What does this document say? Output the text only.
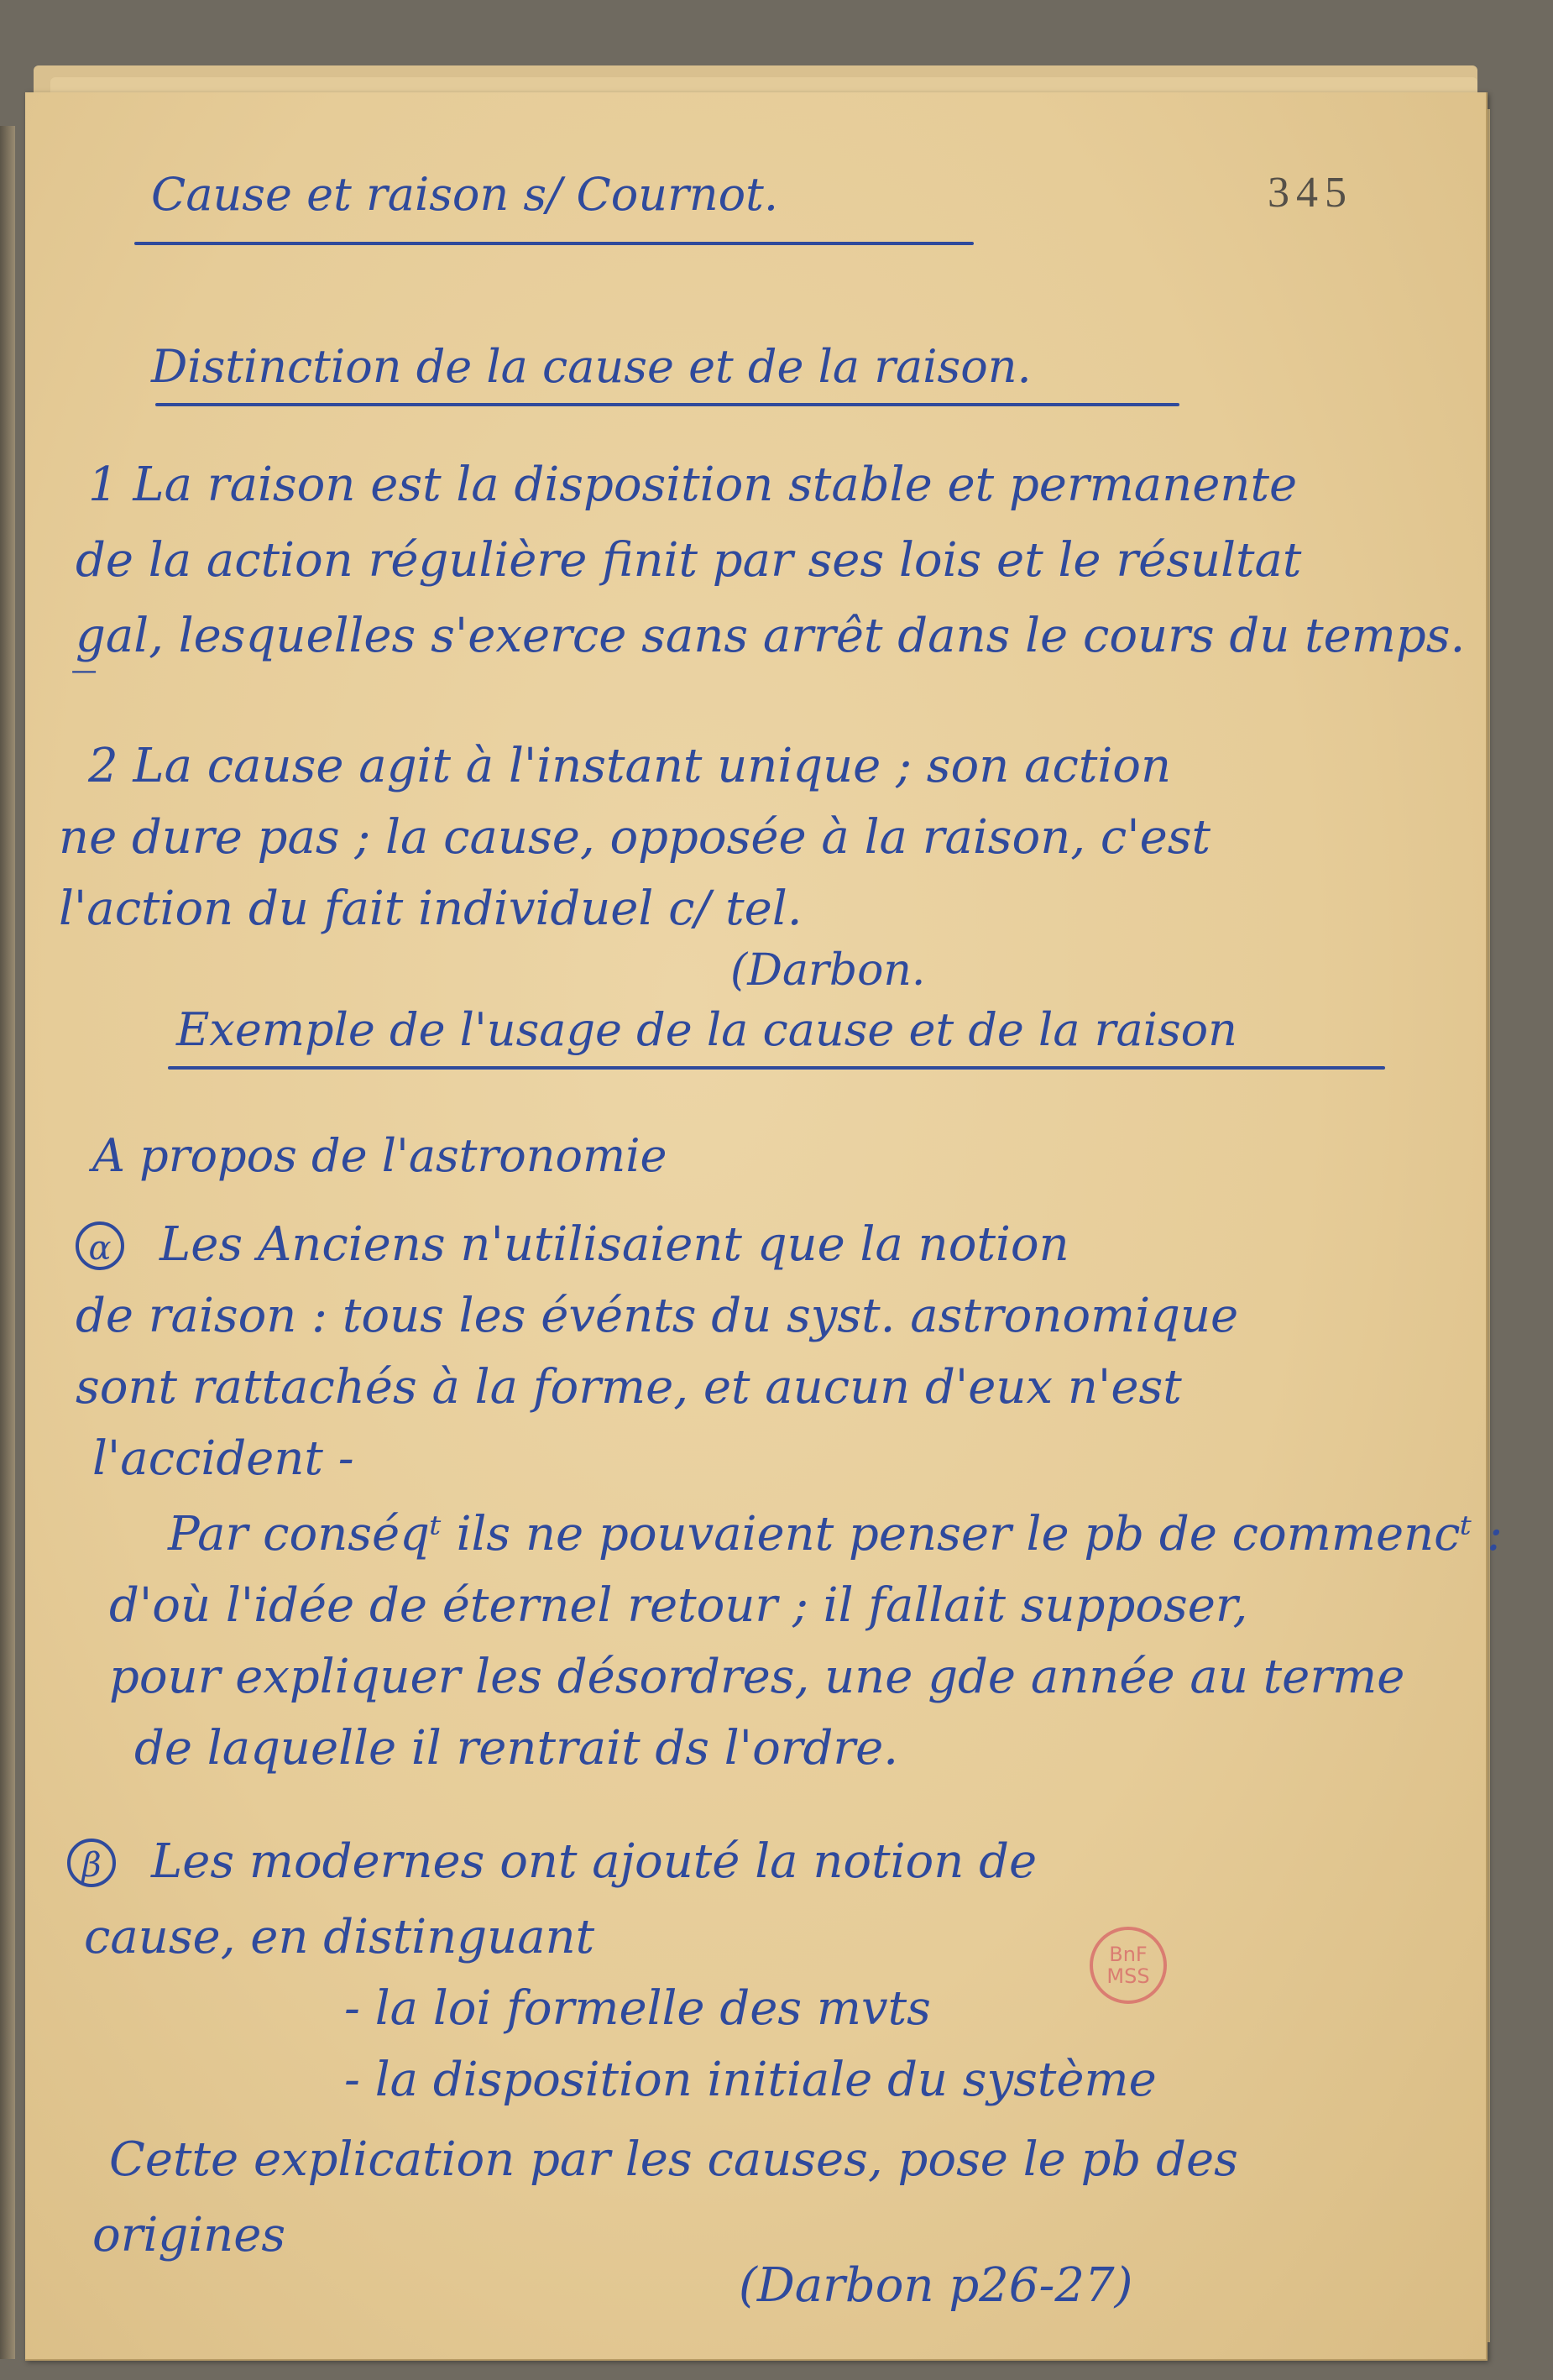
345
Cause et raison s/ Cournot.
Distinction de la cause et de la raison.
1 La raison est la disposition stable et permanente
de la action régulière finit par ses lois et le résultat
g̲al, lesquelles s'exerce sans arrêt dans le cours du temps.
2 La cause agit à l'instant unique ; son action
ne dure pas ; la cause, opposée à la raison, c'est
l'action du fait individuel c/ tel.
(Darbon.
Exemple de l'usage de la cause et de la raison
A propos de l'astronomie
α Les Anciens n'utilisaient que la notion
de raison : tous les événts du syst. astronomique
sont rattachés à la forme, et aucun d'eux n'est
l'accident -
Par conséqᵗ ils ne pouvaient penser le pb de commencᵗ :
d'où l'idée de éternel retour ; il fallait supposer,
pour expliquer les désordres, une gde année au terme
de laquelle il rentrait ds l'ordre.
β	Les modernes ont ajouté la notion de
cause, en distinguant
- la loi formelle des mvts
- la disposition initiale du système
Cette explication par les causes, pose le pb des
origines
(Darbon p26-27)
BnF
MSS
